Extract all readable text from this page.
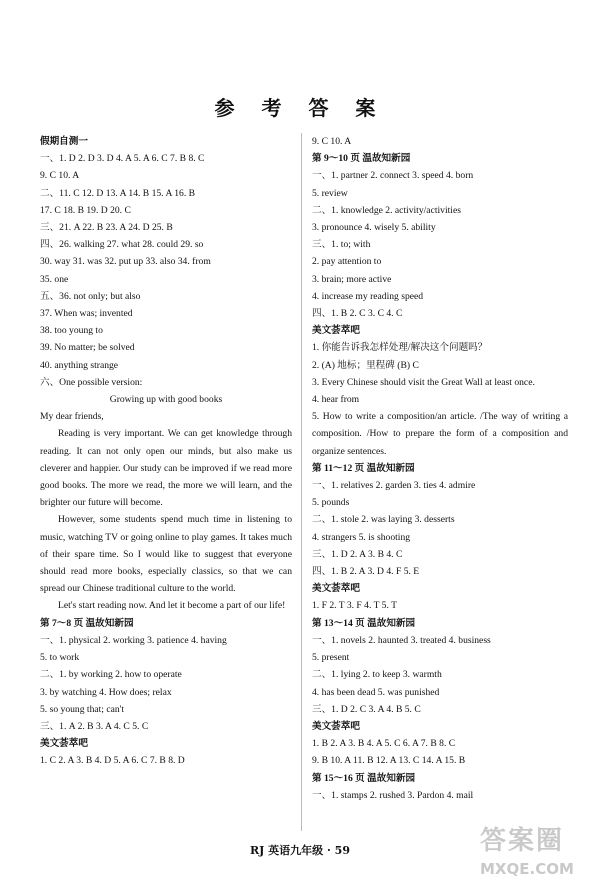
参 考 答 案
假期自测一
一、1. D 2. D 3. D 4. A 5. A 6. C 7. B 8. C
9. C 10. A
二、11. C 12. D 13. A 14. B 15. A 16. B
17. C 18. B 19. D 20. C
三、21. A 22. B 23. A 24. D 25. B
四、26. walking 27. what 28. could 29. so
30. way 31. was 32. put up 33. also 34. from
35. one
五、36. not only; but also
37. When was; invented
38. too young to
39. No matter; be solved
40. anything strange
六、One possible version:
Growing up with good books
My dear friends,
Reading is very important. We can get knowledge through reading. It can not only open our minds, but also make us cleverer and happier. Our study can be improved if we read more good books. The more we read, the more we will learn, and the brighter our future will become.
However, some students spend much time in listening to music, watching TV or going online to play games. It takes much of their spare time. So I would like to suggest that everyone should read more books, especially classics, so that we can spread our Chinese traditional culture to the world.
Let's start reading now. And let it become a part of our life!
第 7～8 页 温故知新园
一、1. physical 2. working 3. patience 4. having
5. to work
二、1. by working 2. how to operate
3. by watching 4. How does; relax
5. so young that; can't
三、1. A 2. B 3. A 4. C 5. C
美文荟萃吧
1. C 2. A 3. B 4. D 5. A 6. C 7. B 8. D
9. C 10. A
第 9～10 页 温故知新园
一、1. partner 2. connect 3. speed 4. born
5. review
二、1. knowledge 2. activity/activities
3. pronounce 4. wisely 5. ability
三、1. to; with
2. pay attention to
3. brain; more active
4. increase my reading speed
四、1. B 2. C 3. C 4. C
美文荟萃吧
1. 你能告诉我怎样处理/解决这个问题吗？
2. (A) 地标；里程碑 (B) C
3. Every Chinese should visit the Great Wall at least once.
4. hear from
5. How to write a composition/an article. /The way of writing a composition. /How to prepare the form of a composition and organize sentences.
第 11～12 页 温故知新园
一、1. relatives 2. garden 3. ties 4. admire
5. pounds
二、1. stole 2. was laying 3. desserts
4. strangers 5. is shooting
三、1. D 2. A 3. B 4. C
四、1. B 2. A 3. D 4. F 5. E
美文荟萃吧
1. F 2. T 3. F 4. T 5. T
第 13～14 页 温故知新园
一、1. novels 2. haunted 3. treated 4. business
5. present
二、1. lying 2. to keep 3. warmth
4. has been dead 5. was punished
三、1. D 2. C 3. A 4. B 5. C
美文荟萃吧
1. B 2. A 3. B 4. A 5. C 6. A 7. B 8. C
9. B 10. A 11. B 12. A 13. C 14. A 15. B
第 15～16 页 温故知新园
一、1. stamps 2. rushed 3. Pardon 4. mail
RJ 英语九年级 · 59	答案圈
MXQE.COM
